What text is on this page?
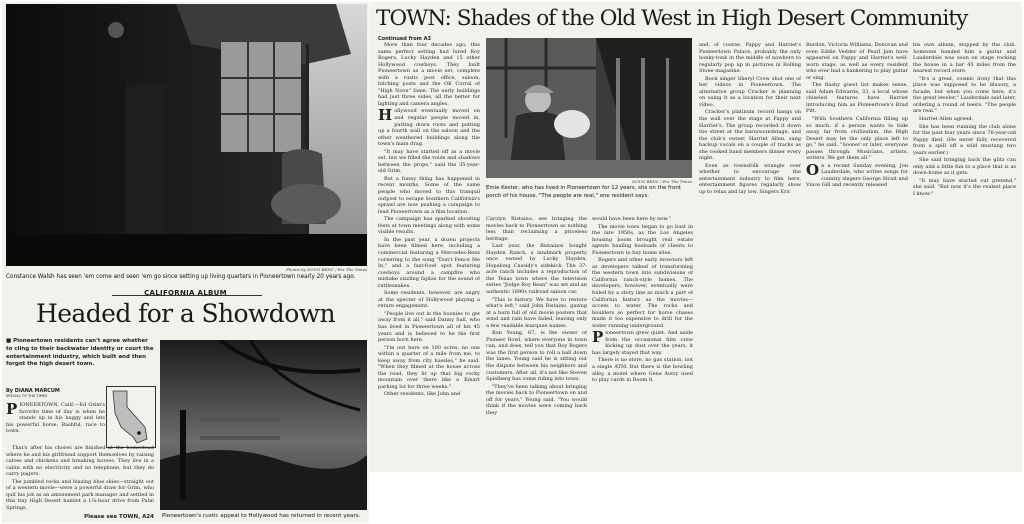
Photos by DOUG BENC / For The Times
Constance Walsh has seen 'em come and seen 'em go since setting up living quarters in Pioneertown nearly 20 years ago.
CALIFORNIA ALBUM
Headed for a Showdown
■ Pioneertown residents can't agree whether to cling to their backwater identity or court the entertainment industry, which built and then forgot the high desert town.
By DIANA MARCUM
SPECIAL TO THE TIMES

PIONEERTOWN, Calif.—Ed Grim's favorite time of day is when he stands up in his buggy and lets his powerful horse, Bashful, race to town.

That's after his chores are finished at the homestead where he and his girlfriend support themselves by raising calves and chickens and breaking horses. They live in a cabin with no electricity and no telephone, but they do carry pagers.

The jumbled rocks and blazing blue skies—straight out of a western movie—were a powerful draw for Grim, who quit his job as an amusement park manager and settled in this tiny High Desert hamlet a 1¼-hour drive from Palm Springs.

Please see TOWN, A24 Pioneertown's rustic appeal to Hollywood has returned in recent years.
TOWN: Shades of the Old West in High Desert Community
Continued from A3

More than four decades ago, this same perfect setting had lured Roy Rogers, Lucky Hayden and 15 other Hollywood cowboys. They built Pioneertown as a movie set, complete with a rustic post office, saloon, hitching posts and the OK Corral of "High Noon" fame. The early buildings had just three sides, all the better for lighting and camera angles.

Hollywood eventually moved on and regular people moved in, putting down roots and putting up a fourth wall on the saloon and the other weathered buildings along the town's main drag.

"It may have started off as a movie set, but we filled the voids and shadows between the props," said the 35-year-old Grim.

But a funny thing has happened in recent months. Some of the same people who moved to this tranquil outpost to escape Southern California's sprawl are now pushing a campaign to lead Pioneertown as a film location.

The campaign has sparked shouting fests at town meetings along with some visible results.

In the past year, a dozen projects have been filmed here, including a commercial featuring a Mercedes-Benz cornering to the song "Don't Fence Me In," and a fast-food spot featuring cowboys around a campfire who mistake sizzling fajitas for the sound of rattlesnakes.

Some residents, however, are angry at the specter of Hollywood playing a return engagement.

"People live out in the boonies to get away from it all," said Danny Sall, who has lived in Pioneertown all of his 45 years and is believed to be the first person born here.

"I'm out here on 100 acres, no one within a quarter of a mile from me, to keep away from city hassles," he said. "When they filmed at the house across the road, they lit up that big rocky mountain over there like a Kmart parking lot for three weeks."

Other residents, like John and

DOUG BENC / For The Times
Emie Kester, who has lived in Pioneertown for 12 years, sits on the front porch of his house. "The people are real," one resident says.

Carolyn Ristaino, see bringing the movies back to Pioneertown as nothing less than reclaiming a priceless heritage.

Last year, the Ristainos bought Hayden Ranch, a landmark property once owned by Lucky Hayden, Hopalong Cassidy's sidekick. The 37-acre ranch includes a reproduction of the Texas town where the television series "Judge Roy Bean" was set and an authentic 1890s railroad saloon car.

"This is history. We have to restore what's left," said John Ristaino, gazing at a barn full of old movie posters that wind and rain have faded, leaving only a few readable marquee names.

Ron Young, 67, is the owner of Pioneer Bowl, where everyone in town can, and does, tell you that Roy Rogers was the first person to roll a ball down the lanes. Young said he is sitting out the dispute between his neighbors and customers. After all, it's not like Steven Spielberg has come riding into town.

"They've been talking about bringing the movies back to Pioneertown on and off for years," Young said. "You would think if the movies were coming back they

would have been here by now."

The movie town began to go bust in the late 1950s, as the Los Angeles housing boom brought real estate agents hauling busloads of clients to Pioneertown to buy home sites.

Rogers and other early investors left as developers talked of transforming the western town into subdivisions of California ranch-style homes. The developers, however, eventually were foiled by a story line as much a part of California history as the movies—access to water. The rocks and boulders so perfect for horse chases made it too expensive to drill for the water running underground.

Pioneertown grew quiet. And aside from the occasional film crew kicking up dust over the years, it has largely stayed that way.

There is no store, no gas station, not a single ATM. But there is the bowling alley, a motel where Gene Autry used to play cards in Room 8,

and, of course, Pappy and Harriet's Pioneertown Palace, probably the only honky-tonk in the middle of nowhere to regularly pop up in pictures in Rolling Stone magazine.

Rock singer Sheryl Crow shot one of her videos in Pioneertown. The alternative group Cracker is planning on using it as a location for their next video.

Cracker's platinum record hangs on the wall over the stage at Pappy and Harriet's. The group recorded it down the street at the barn/soundstage, and the club's owner, Harriet Allen, sang backup vocals on a couple of tracks as she cooked band members dinner every night.

Even as townsfolk wrangle over whether to encourage the entertainment industry to film here, entertainment figures regularly show up to relax and lay low. Singers Eric

Burdon, Victoria Williams, Donovan and even Eddie Vedder of Pearl Jam have appeared on Pappy and Harriet's well-worn stage, as well as every resident who ever had a hankering to play guitar or sing.

The flashy guest list makes sense, said Adam Edwards, 33, a local whose chiseled features have Harriet introducing him as Pioneertown's Brad Pitt.

"With Southern California filling up so much, if a person wants to hide away, far from civilization, the High Desert may be the only place left to go," he said. "Sooner or later, everyone passes through. Musicians, artists, writers. We get them all."

On a recent Sunday evening, Jon Lauderdale, who writes songs for country singers George Strait and Vince Gill and recently released

his own album, stopped by the club. Someone handed him a guitar and Lauderdale was soon on stage rocking the house in a bar 45 miles from the nearest record store.

"It's a great, cosmic irony that this place was supposed to be illusory, a facade, but when you come here, it's the great leveler," Lauderdale said later, ordering a round of beers. "The people are real."

Harriet Allen agreed.

She has been running the club alone for the past four years since 76-year-old Pappy died. (He never fully recovered from a spill off a wild mustang two years earlier.)

She said bringing back the glitz can only add a little fun to a place that is as down-home as it gets.

"It may have started out pretend," she said. "But now it's the realest place I know."
